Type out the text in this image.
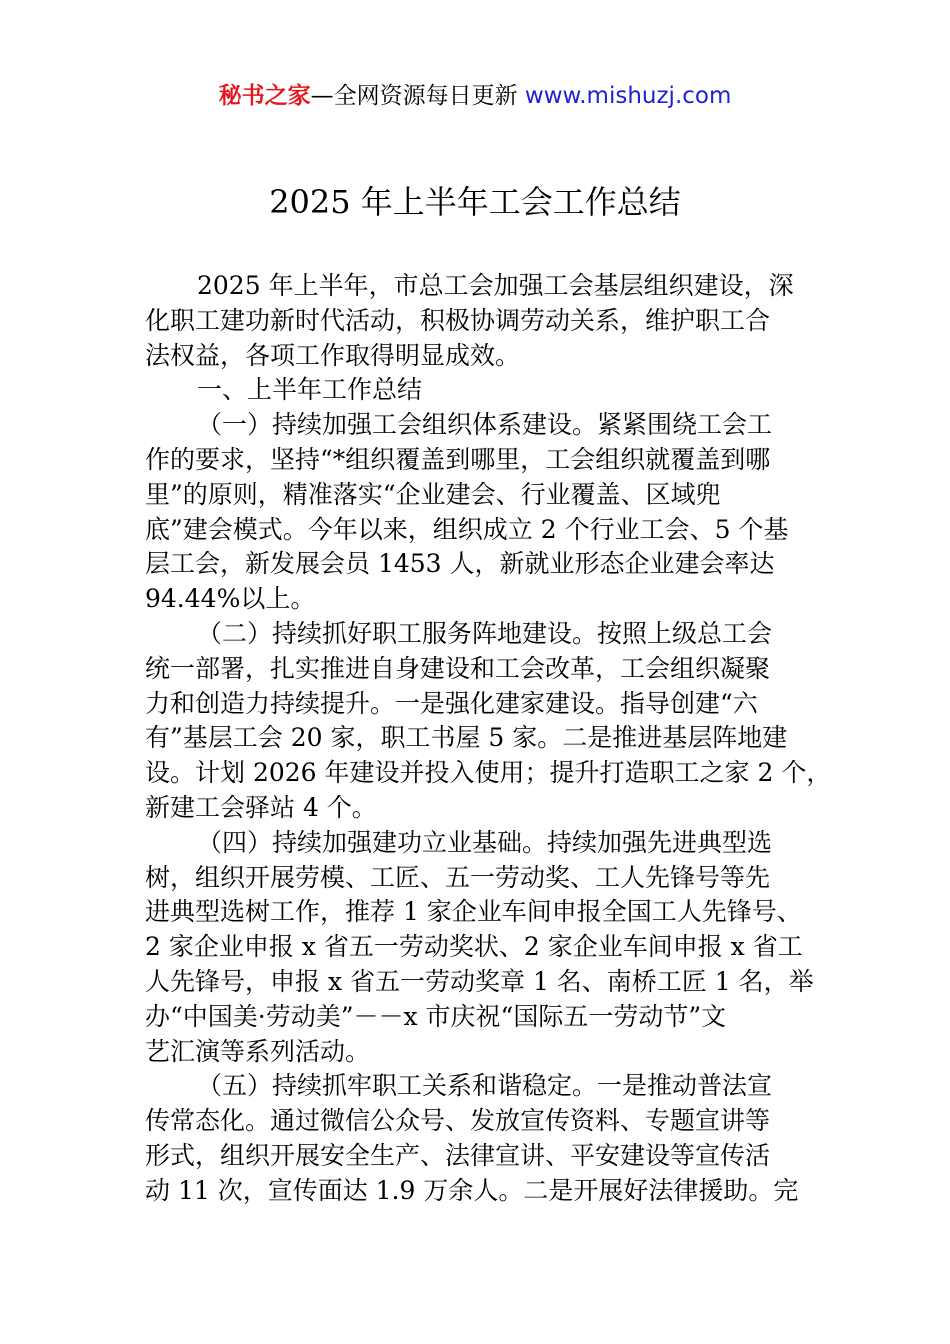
秘书之家—全网资源每日更新 www.mishuzj.com
2025 年上半年工会工作总结
2025 年上半年，市总工会加强工会基层组织建设，深
化职工建功新时代活动，积极协调劳动关系，维护职工合
法权益，各项工作取得明显成效。
一、上半年工作总结
（一）持续加强工会组织体系建设。紧紧围绕工会工
作的要求，坚持“*组织覆盖到哪里，工会组织就覆盖到哪
里”的原则，精准落实“企业建会、行业覆盖、区域兜
底”建会模式。今年以来，组织成立 2 个行业工会、5 个基
层工会，新发展会员 1453 人，新就业形态企业建会率达
94.44%以上。
（二）持续抓好职工服务阵地建设。按照上级总工会
统一部署，扎实推进自身建设和工会改革，工会组织凝聚
力和创造力持续提升。一是强化建家建设。指导创建“六
有”基层工会 20 家，职工书屋 5 家。二是推进基层阵地建
设。计划 2026 年建设并投入使用；提升打造职工之家 2 个，
新建工会驿站 4 个。
（四）持续加强建功立业基础。持续加强先进典型选
树，组织开展劳模、工匠、五一劳动奖、工人先锋号等先
进典型选树工作，推荐 1 家企业车间申报全国工人先锋号、
2 家企业申报 x 省五一劳动奖状、2 家企业车间申报 x 省工
人先锋号，申报 x 省五一劳动奖章 1 名、南桥工匠 1 名，举
办“中国美·劳动美”－－x 市庆祝“国际五一劳动节”文
艺汇演等系列活动。
（五）持续抓牢职工关系和谐稳定。一是推动普法宣
传常态化。通过微信公众号、发放宣传资料、专题宣讲等
形式，组织开展安全生产、法律宣讲、平安建设等宣传活
动 11 次，宣传面达 1.9 万余人。二是开展好法律援助。完
